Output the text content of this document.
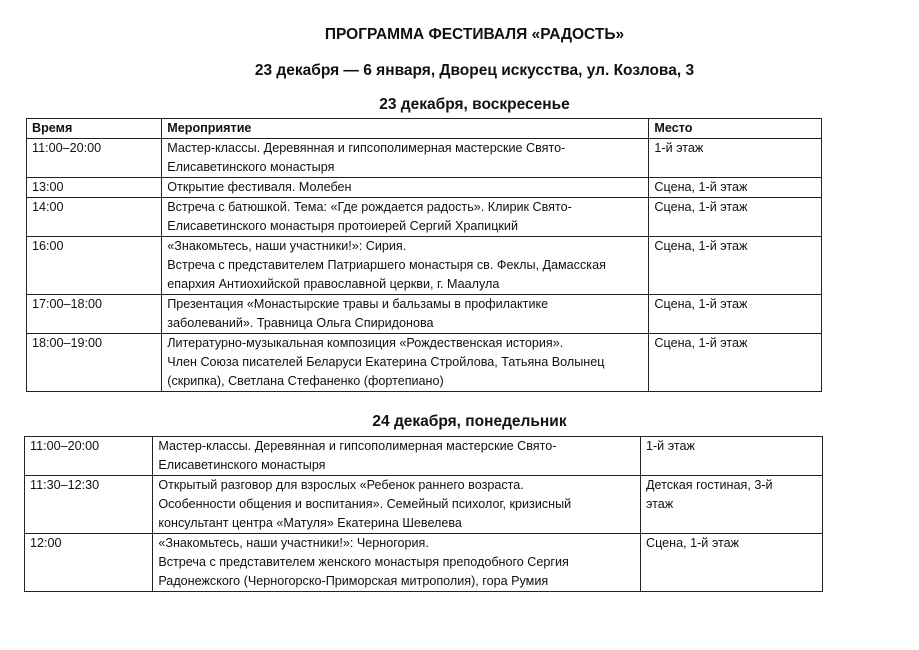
ПРОГРАММА ФЕСТИВАЛЯ «РАДОСТЬ»
23 декабря — 6 января, Дворец искусства, ул. Козлова, 3
23 декабря, воскресенье
Время	Мероприятие	Место
11:00–20:00	Мастер-классы. Деревянная и гипсополимерная мастерские Свято-
Елисаветинского монастыря	1-й этаж

13:00	Открытие фестиваля. Молебен	Сцена, 1-й этаж

14:00	Встреча с батюшкой. Тема: «Где рождается радость». Клирик Свято-
Елисаветинского монастыря протоиерей Сергий Храпицкий	Сцена, 1-й этаж

16:00	«Знакомьтесь, наши участники!»: Сирия.
Встреча с представителем Патриаршего монастыря св. Феклы, Дамасская
епархия Антиохийской православной церкви, г. Маалула	Сцена, 1-й этаж

17:00–18:00	Презентация «Монастырские травы и бальзамы в профилактике
заболеваний». Травница Ольга Спиридонова	Сцена, 1-й этаж

18:00–19:00	Литературно-музыкальная композиция «Рождественская история».
Член Союза писателей Беларуси Екатерина Стройлова, Татьяна Волынец
(скрипка), Светлана Стефаненко (фортепиано)	Сцена, 1-й этаж
24 декабря, понедельник
11:00–20:00	Мастер-классы. Деревянная и гипсополимерная мастерские Свято-
Елисаветинского монастыря	1-й этаж

11:30–12:30	Открытый разговор для взрослых «Ребенок раннего возраста.
Особенности общения и воспитания». Семейный психолог, кризисный
консультант центра «Матуля» Екатерина Шевелева	Детская гостиная, 3-й
этаж

12:00	«Знакомьтесь, наши участники!»: Черногория.
Встреча с представителем женского монастыря преподобного Сергия
Радонежского (Черногорско-Приморская митрополия), гора Румия	Сцена, 1-й этаж
